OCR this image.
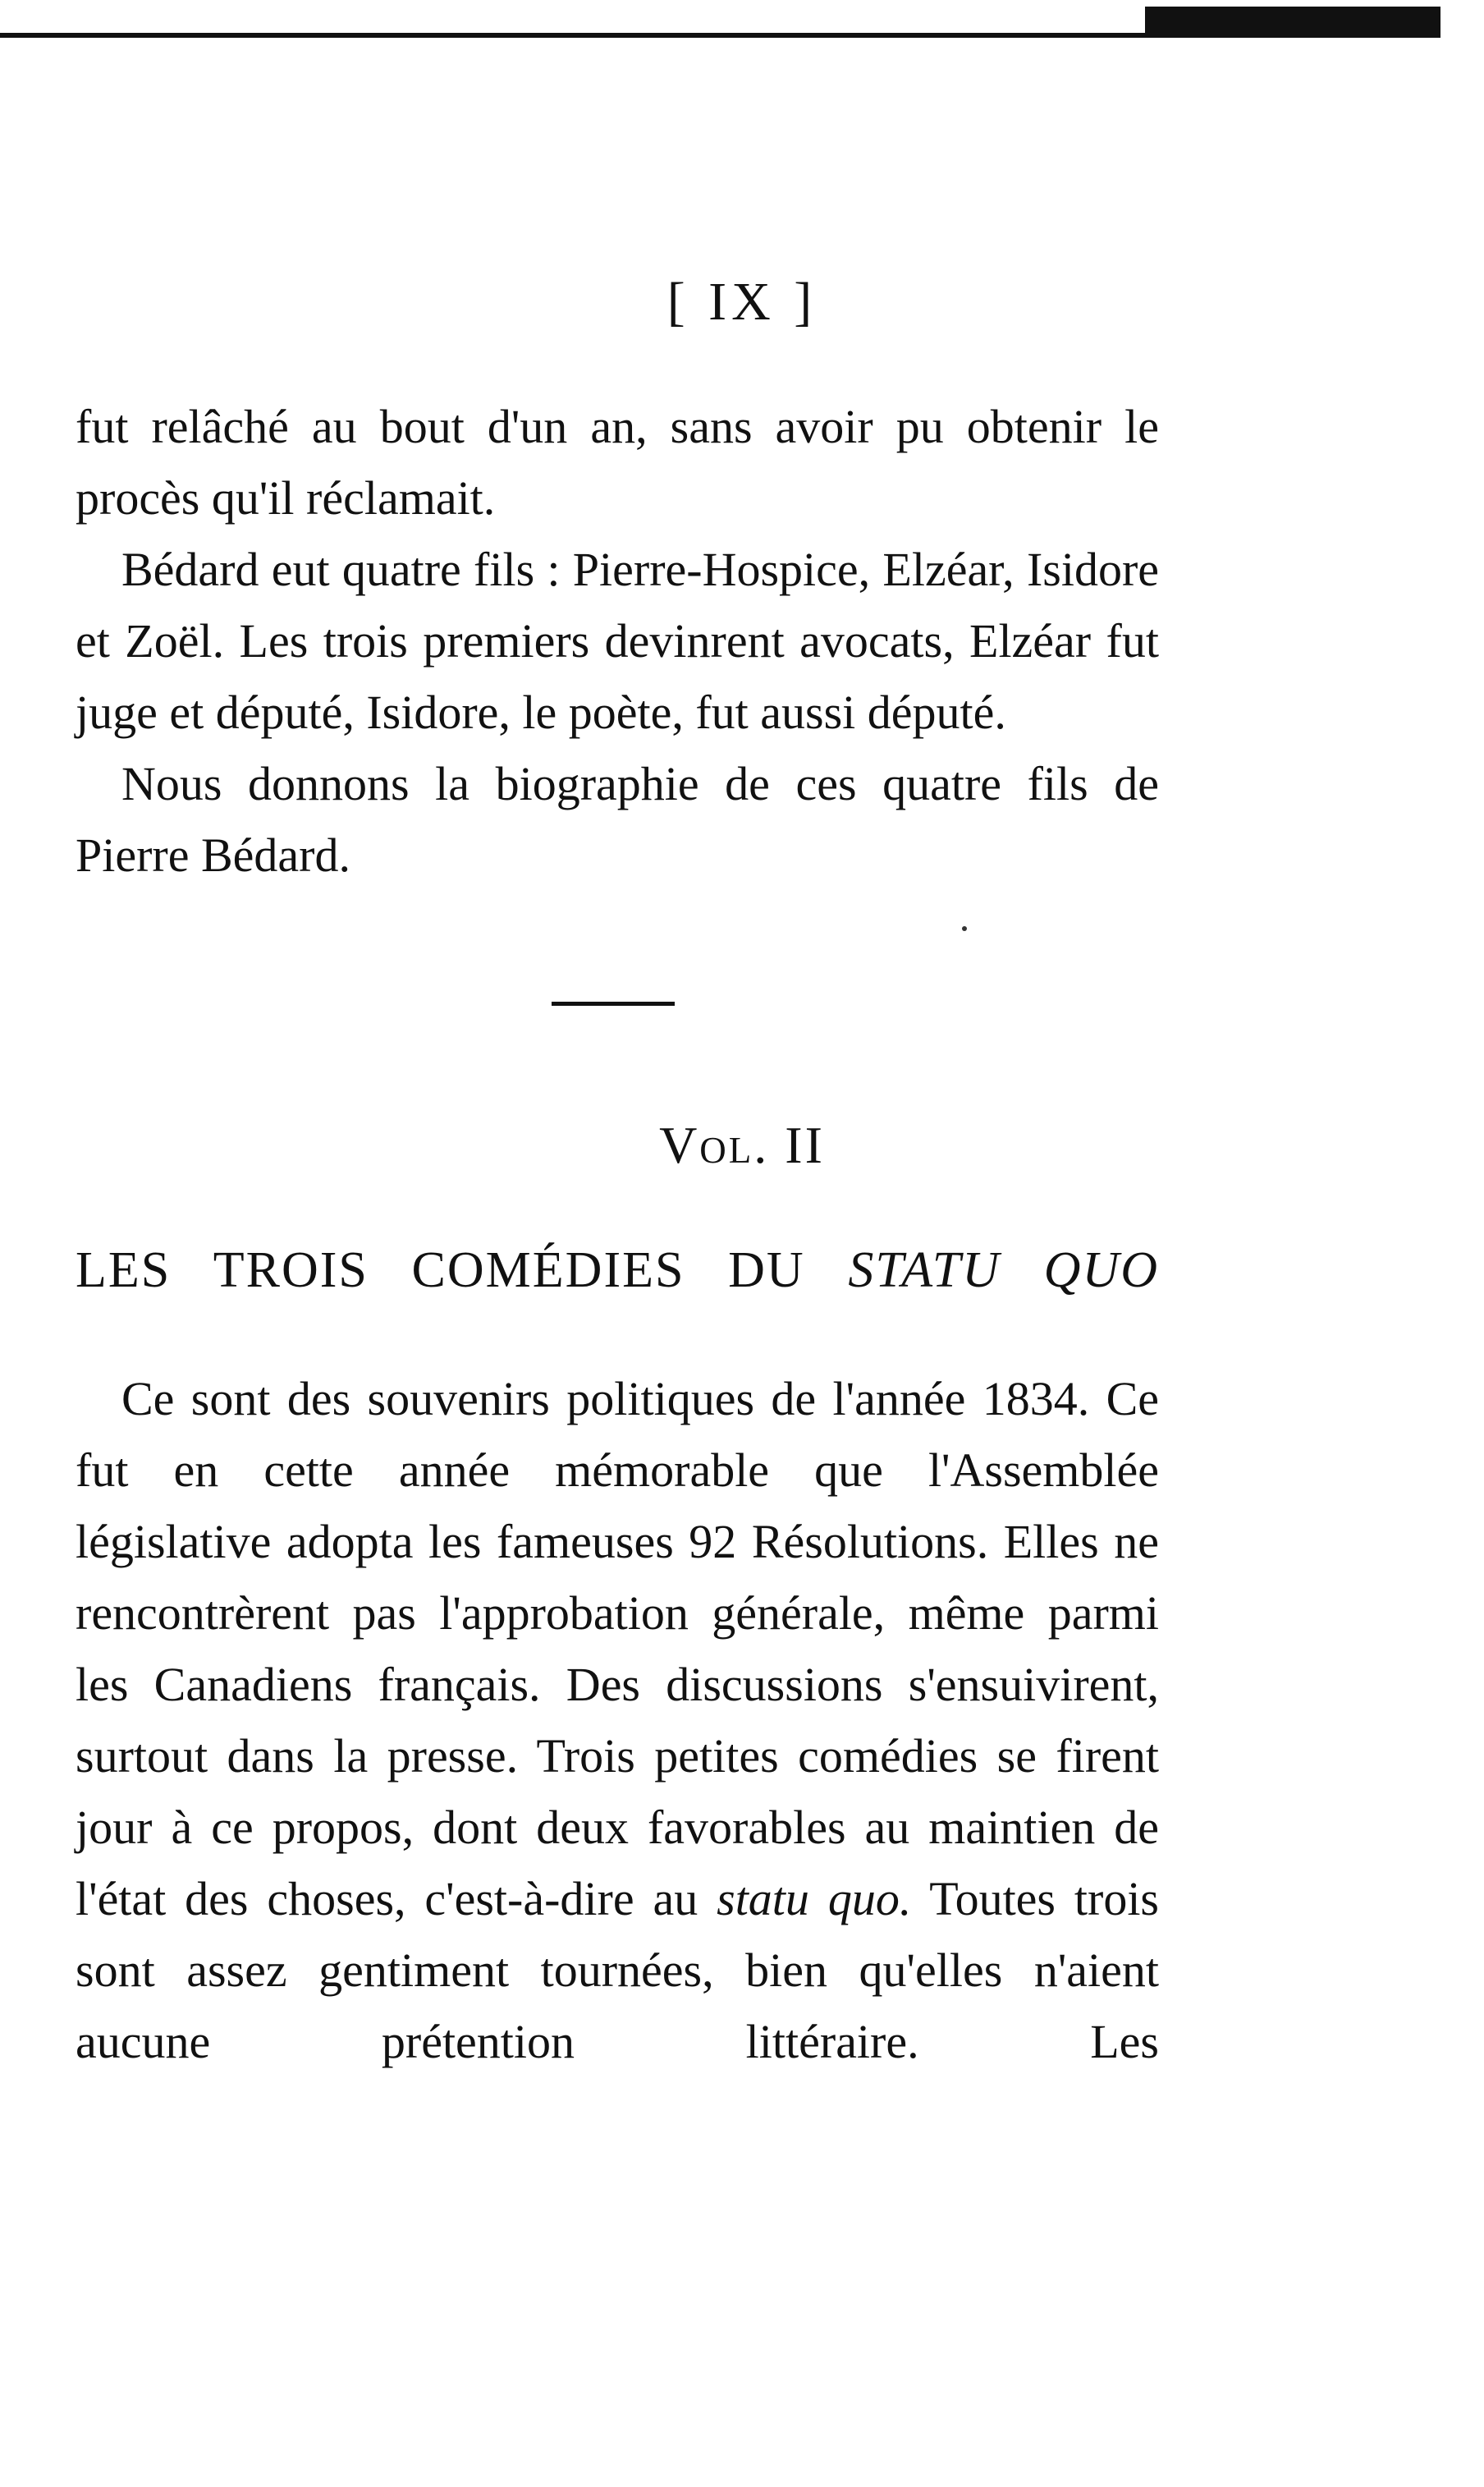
[ IX ]

fut relâché au bout d'un an, sans avoir pu obtenir le procès qu'il réclamait.

Bédard eut quatre fils : Pierre-Hospice, Elzéar, Isidore et Zoël. Les trois premiers devinrent avocats, Elzéar fut juge et député, Isidore, le poète, fut aussi député.

Nous donnons la biographie de ces quatre fils de Pierre Bédard.

Vol. II
LES TROIS COMÉDIES DU STATU QUO

Ce sont des souvenirs politiques de l'année 1834. Ce fut en cette année mémorable que l'Assemblée législative adopta les fameuses 92 Résolutions. Elles ne rencontrèrent pas l'approbation générale, même parmi les Canadiens français. Des discussions s'ensuivirent, surtout dans la presse. Trois petites comédies se firent jour à ce propos, dont deux favorables au maintien de l'état des choses, c'est-à-dire au statu quo. Toutes trois sont assez gentiment tournées, bien qu'elles n'aient aucune prétention littéraire. Les
